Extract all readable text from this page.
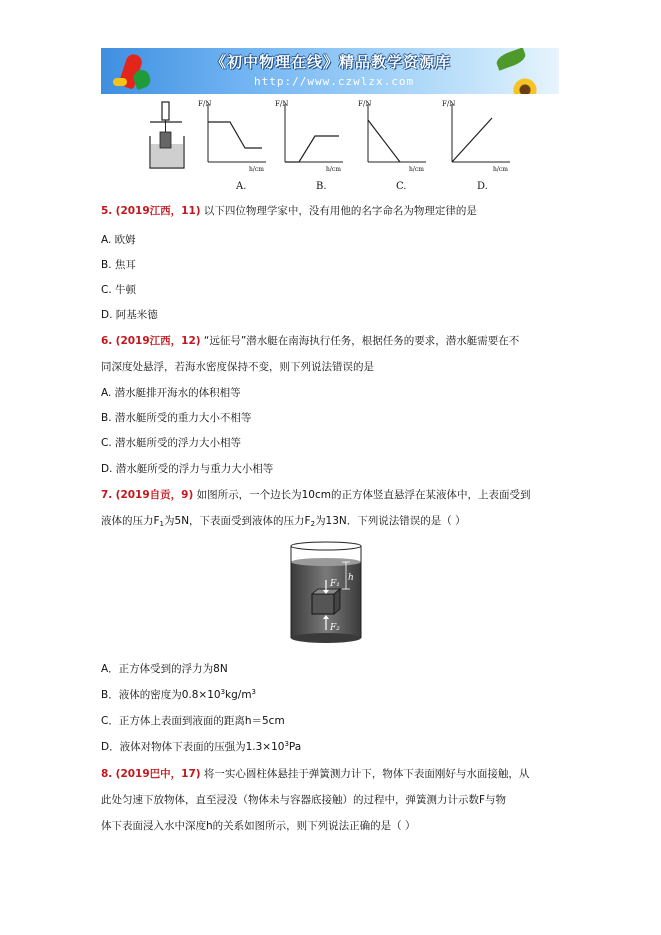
《初中物理在线》精品教学资源库
http://www.czwlzx.com
F/N
h/cm
F/N
h/cm
F/N
h/cm
F/N
h/cm
A.	B.	C.	D.
5. (2019江西，11) 以下四位物理学家中，没有用他的名字命名为物理定律的是
A. 欧姆
B. 焦耳
C. 牛顿
D. 阿基米德
6. (2019江西，12) “远征号”潜水艇在南海执行任务，根据任务的要求，潜水艇需要在不
同深度处悬浮，若海水密度保持不变，则下列说法错误的是
A. 潜水艇排开海水的体积相等
B. 潜水艇所受的重力大小不相等
C. 潜水艇所受的浮力大小相等
D. 潜水艇所受的浮力与重力大小相等
7. (2019自贡，9) 如图所示，一个边长为10cm的正方体竖直悬浮在某液体中，上表面受到
液体的压力F1为5N，下表面受到液体的压力F2为13N．下列说法错误的是（ ）
h
F₁
F₂
A．正方体受到的浮力为8N
B．液体的密度为$0.8\times 10^3kg/m^3$
C．正方体上表面到液面的距离h＝5cm
D．液体对物体下表面的压强为$1.3\times 10^3Pa$
8. (2019巴中，17) 将一实心圆柱体悬挂于弹簧测力计下，物体下表面刚好与水面接触，从
此处匀速下放物体，直至浸没（物体未与容器底接触）的过程中，弹簧测力计示数F与物
体下表面浸入水中深度h的关系如图所示，则下列说法正确的是（ ）
